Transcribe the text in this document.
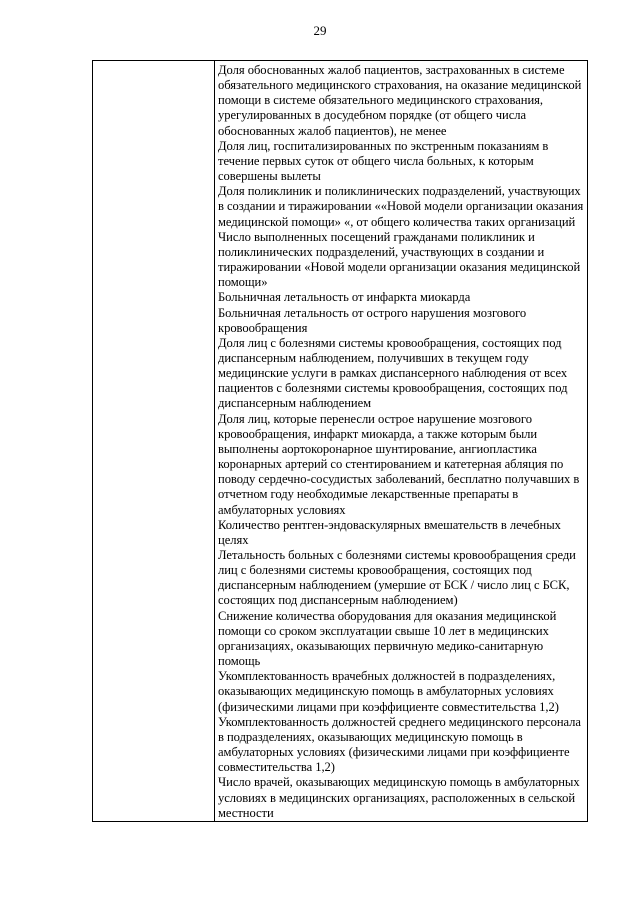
29

Доля обоснованных жалоб пациентов, застрахованных в системе обязательного медицинского страхования, на оказание медицинской помощи в системе обязательного медицинского страхования, урегулированных в досудебном порядке (от общего числа обоснованных жалоб пациентов), не менее
Доля лиц, госпитализированных по экстренным показаниям в течение первых суток от общего числа больных, к которым совершены вылеты
Доля поликлиник и поликлинических подразделений, участвующих в создании и тиражировании ««Новой модели организации оказания медицинской помощи» «, от общего количества таких организаций
Число выполненных посещений гражданами поликлиник и поликлинических подразделений, участвующих в создании и тиражировании «Новой модели организации оказания медицинской помощи»
Больничная летальность от инфаркта миокарда
Больничная летальность от острого нарушения мозгового кровообращения
Доля лиц с болезнями системы кровообращения, состоящих под диспансерным наблюдением, получивших в текущем году медицинские услуги в рамках диспансерного наблюдения от всех пациентов с болезнями системы кровообращения, состоящих под диспансерным наблюдением
Доля лиц, которые перенесли острое нарушение мозгового кровообращения, инфаркт миокарда, а также которым были выполнены аортокоронарное шунтирование, ангиопластика коронарных артерий со стентированием и катетерная абляция по поводу сердечно-сосудистых заболеваний, бесплатно получавших в отчетном году необходимые лекарственные препараты в амбулаторных условиях
Количество рентген-эндоваскулярных вмешательств в лечебных целях
Летальность больных с болезнями системы кровообращения среди лиц с болезнями системы кровообращения, состоящих под диспансерным наблюдением (умершие от БСК / число лиц с БСК, состоящих под диспансерным наблюдением)
Снижение количества оборудования для оказания медицинской помощи со сроком эксплуатации свыше 10 лет в медицинских организациях, оказывающих первичную медико-санитарную помощь
Укомплектованность врачебных должностей в подразделениях, оказывающих медицинскую помощь в амбулаторных условиях (физическими лицами при коэффициенте совместительства 1,2)
Укомплектованность должностей среднего медицинского персонала в подразделениях, оказывающих медицинскую помощь в амбулаторных условиях (физическими лицами при коэффициенте совместительства 1,2)
Число врачей, оказывающих медицинскую помощь в амбулаторных условиях в медицинских организациях, расположенных в сельской местности
